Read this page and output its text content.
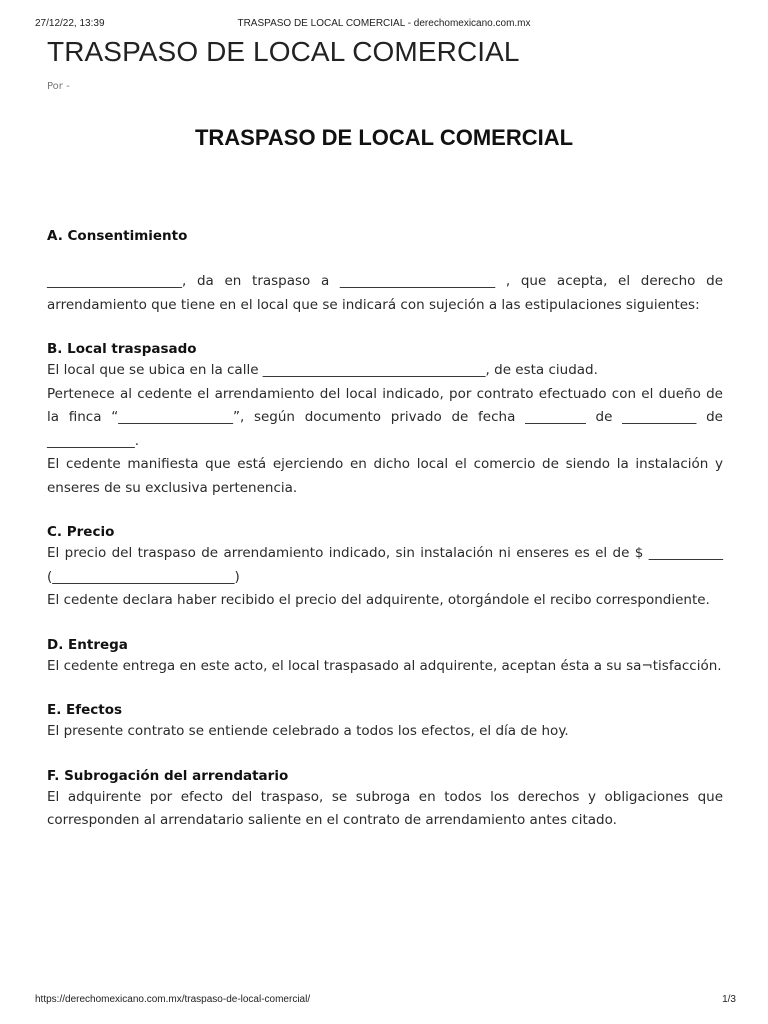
27/12/22, 13:39	TRASPASO DE LOCAL COMERCIAL - derechomexicano.com.mx
TRASPASO DE LOCAL COMERCIAL
Por -
TRASPASO DE LOCAL COMERCIAL

A. Consentimiento

____________________, da en traspaso a _______________________ , que acepta, el derecho de arrendamiento que tiene en el local que se indicará con sujeción a las estipulaciones siguientes:

B. Local traspasado

El local que se ubica en la calle _________________________________, de esta ciudad.

Pertenece al cedente el arrendamiento del local indicado, por contrato efectuado con el dueño de la finca “_________________”, según documento privado de fecha _________ de ___________ de _____________.

El cedente manifiesta que está ejerciendo en dicho local el comercio de siendo la instalación y enseres de su exclusiva pertenencia.

C. Precio

El precio del traspaso de arrendamiento indicado, sin instalación ni enseres es el de $ ___________ (___________________________)

El cedente declara haber recibido el precio del adquirente, otorgándole el recibo correspondiente.

D. Entrega

El cedente entrega en este acto, el local traspasado al adquirente, aceptan ésta a su sa¬tisfacción.

E. Efectos

El presente contrato se entiende celebrado a todos los efectos, el día de hoy.

F. Subrogación del arrendatario

El adquirente por efecto del traspaso, se subroga en todos los derechos y obligaciones que corresponden al arrendatario saliente en el contrato de arrendamiento antes citado.

https://derechomexicano.com.mx/traspaso-de-local-comercial/	1/3
